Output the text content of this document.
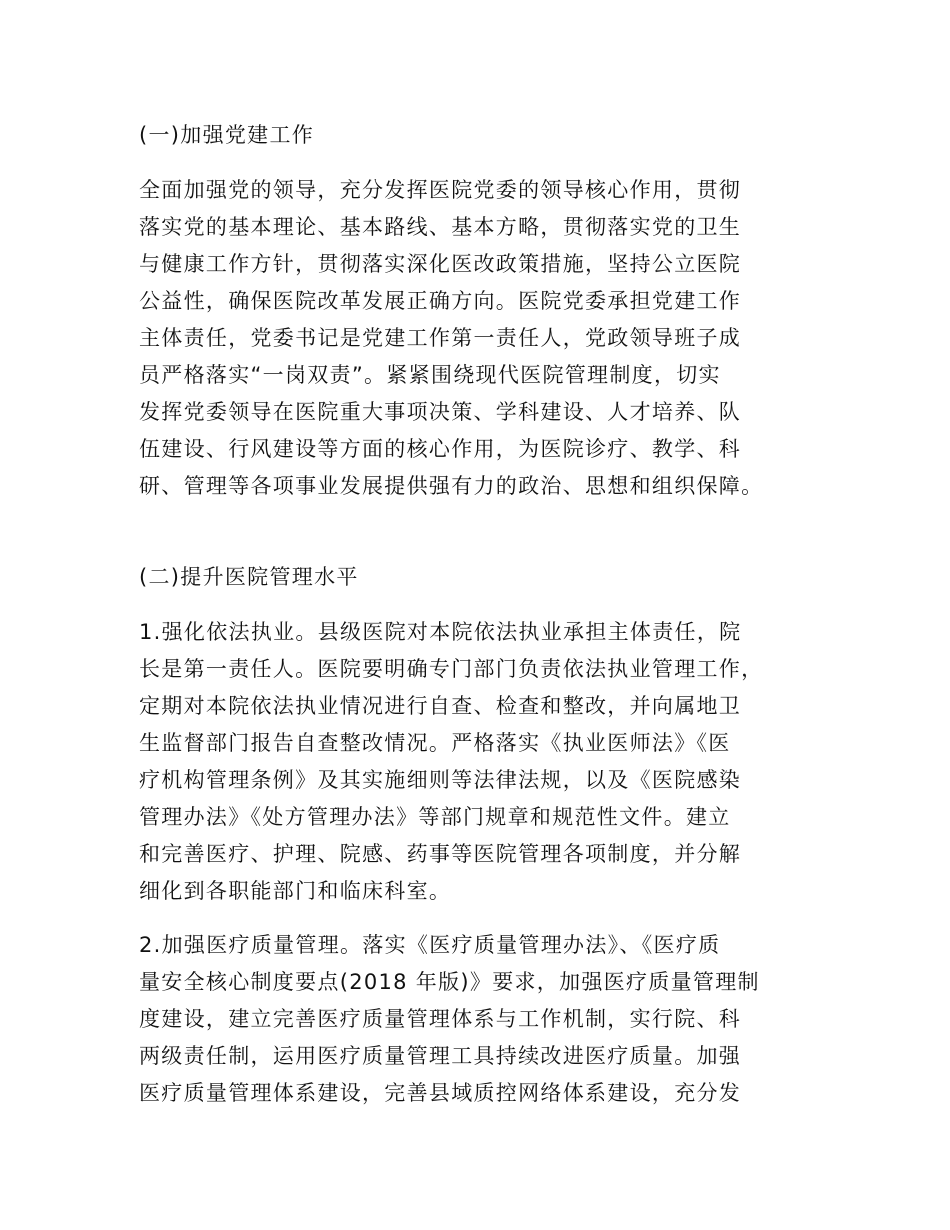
(一)加强党建工作
全面加强党的领导，充分发挥医院党委的领导核心作用，贯彻
落实党的基本理论、基本路线、基本方略，贯彻落实党的卫生
与健康工作方针，贯彻落实深化医改政策措施，坚持公立医院
公益性，确保医院改革发展正确方向。医院党委承担党建工作
主体责任，党委书记是党建工作第一责任人，党政领导班子成
员严格落实“一岗双责”。紧紧围绕现代医院管理制度，切实
发挥党委领导在医院重大事项决策、学科建设、人才培养、队
伍建设、行风建设等方面的核心作用，为医院诊疗、教学、科
研、管理等各项事业发展提供强有力的政治、思想和组织保障。
(二)提升医院管理水平
1.强化依法执业。县级医院对本院依法执业承担主体责任，院
长是第一责任人。医院要明确专门部门负责依法执业管理工作，
定期对本院依法执业情况进行自查、检查和整改，并向属地卫
生监督部门报告自查整改情况。严格落实《执业医师法》《医
疗机构管理条例》及其实施细则等法律法规，以及《医院感染
管理办法》《处方管理办法》等部门规章和规范性文件。建立
和完善医疗、护理、院感、药事等医院管理各项制度，并分解
细化到各职能部门和临床科室。
2.加强医疗质量管理。落实《医疗质量管理办法》、《医疗质
量安全核心制度要点(2018 年版)》要求，加强医疗质量管理制
度建设，建立完善医疗质量管理体系与工作机制，实行院、科
两级责任制，运用医疗质量管理工具持续改进医疗质量。加强
医疗质量管理体系建设，完善县域质控网络体系建设，充分发
